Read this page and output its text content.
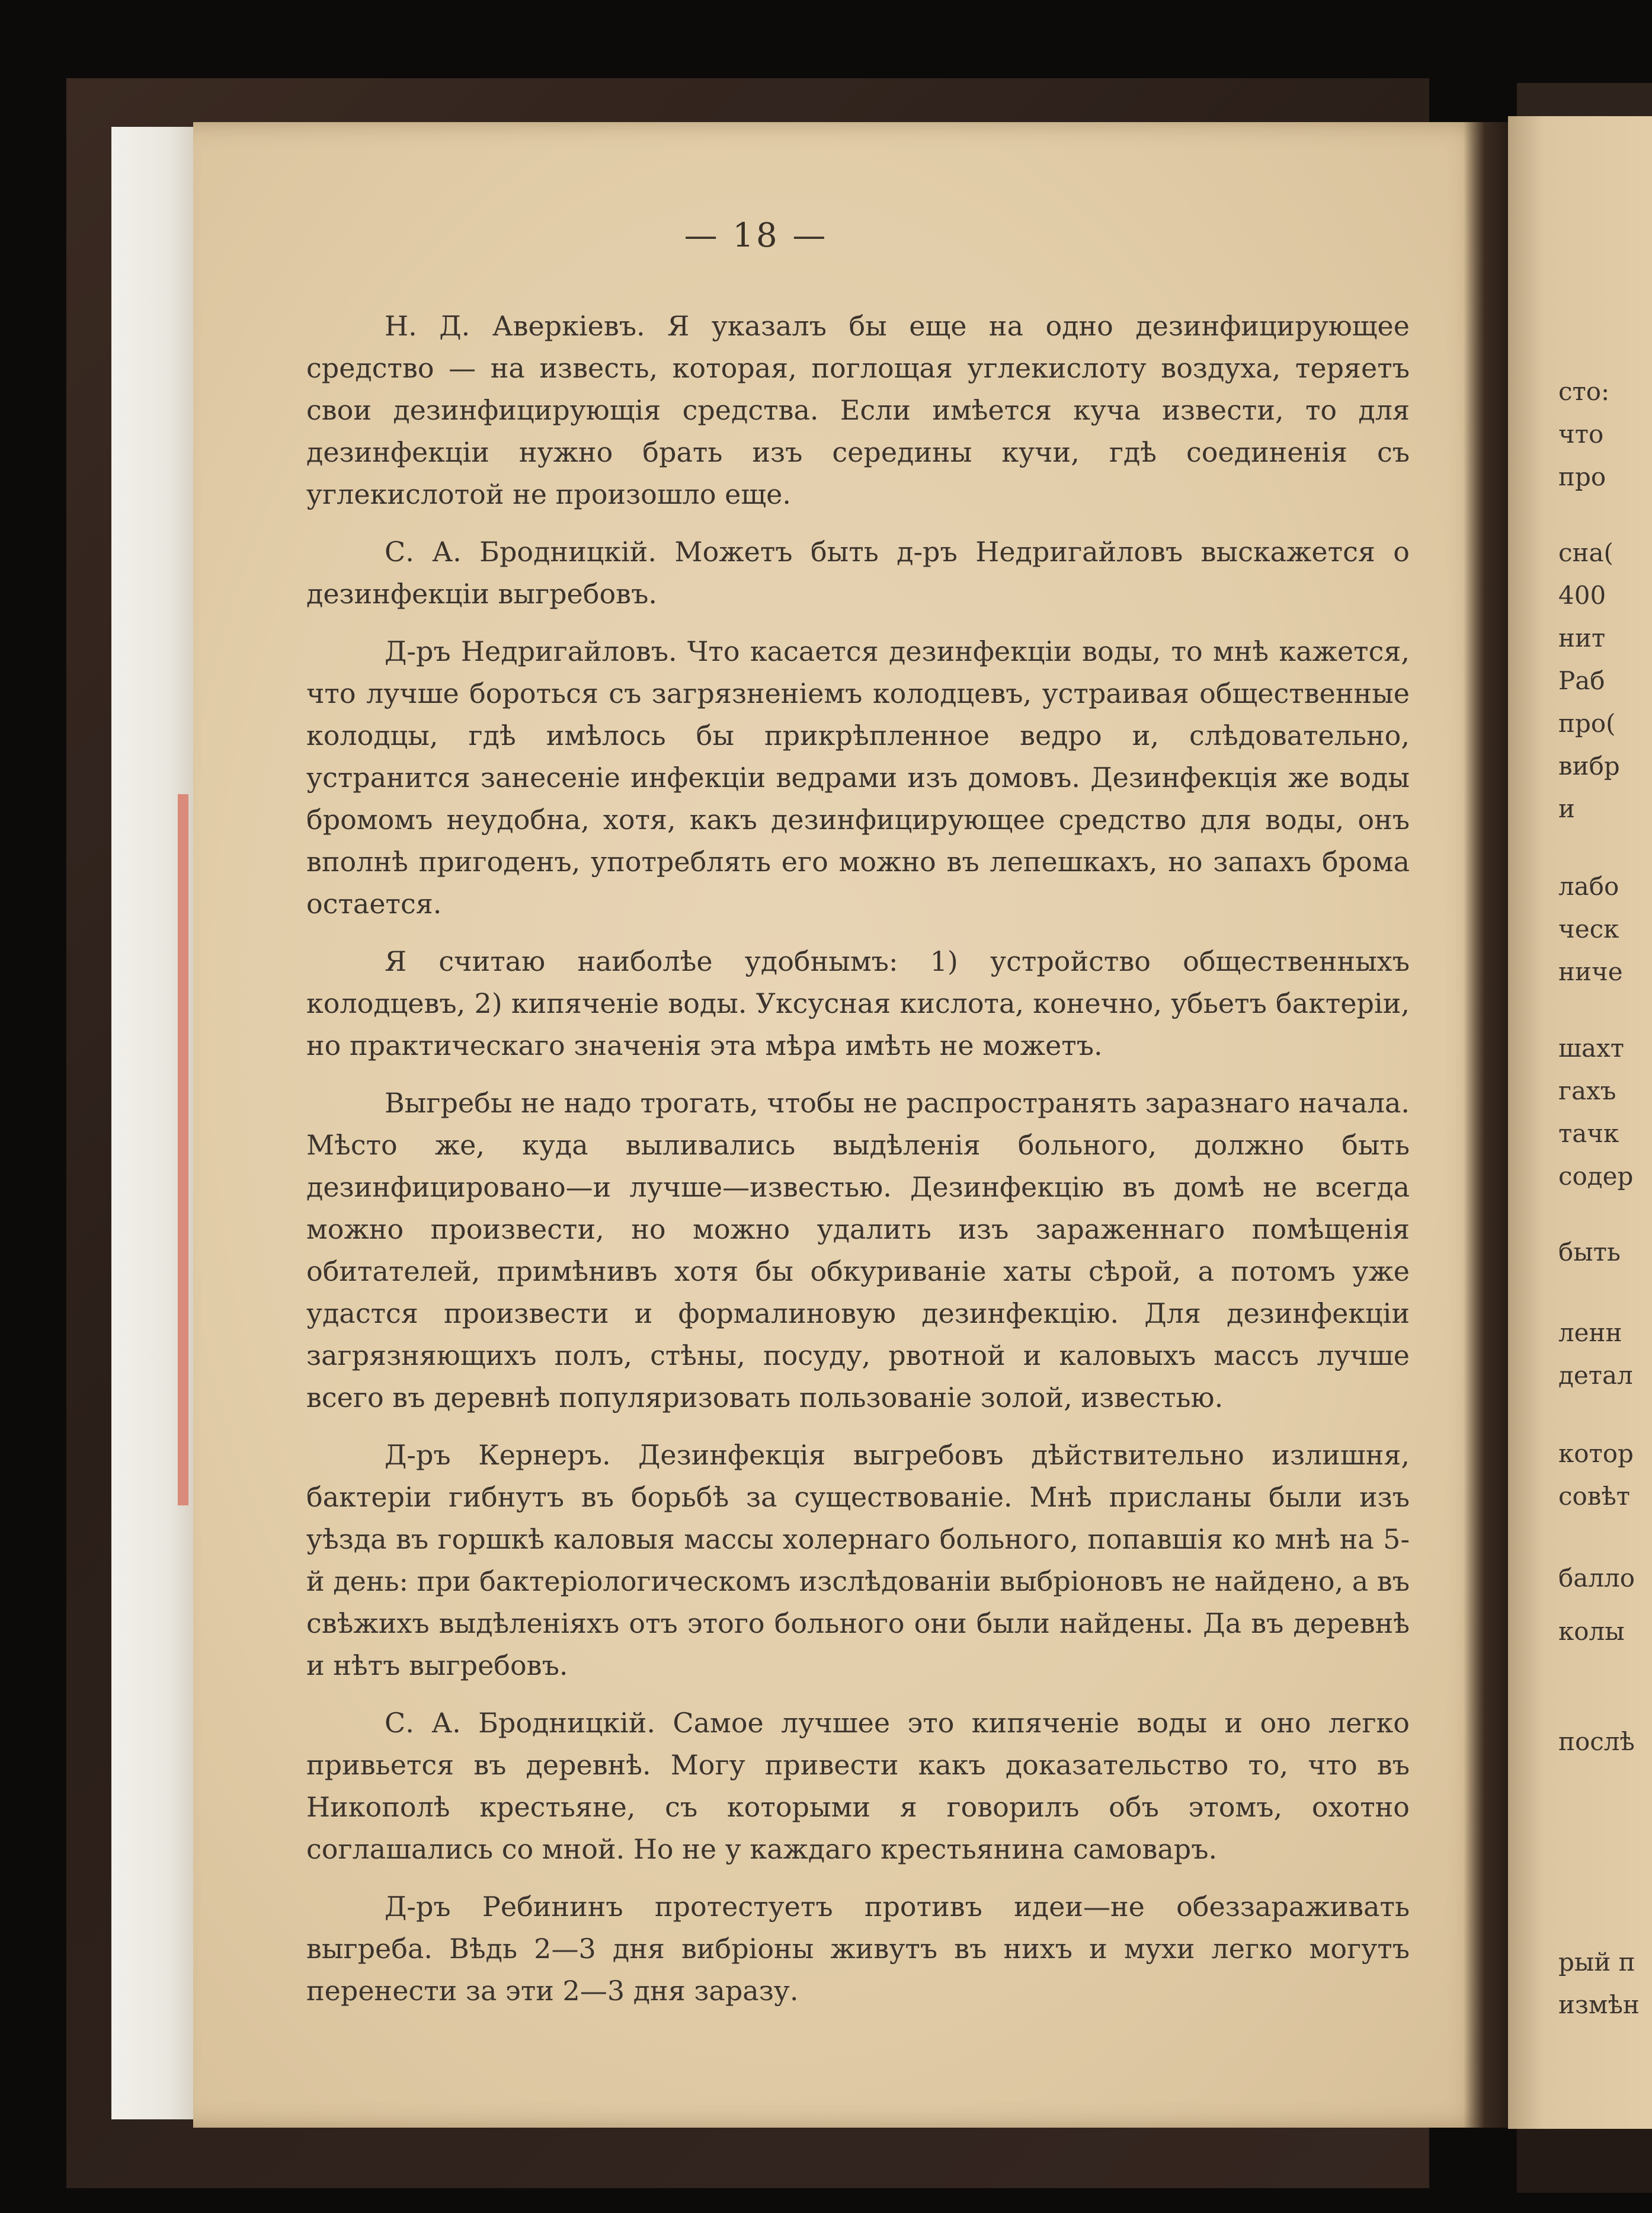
— 18 —

Н. Д. Аверкіевъ. Я указалъ бы еще на одно дезинфицирующее средство — на известь, которая, поглощая углекислоту воздуха, теряетъ свои дезинфицирующія средства. Если имѣется куча извести, то для дезинфекціи нужно брать изъ середины кучи, гдѣ соединенія съ углекислотой не произошло еще.

С. А. Бродницкій. Можетъ быть д-ръ Недригайловъ выскажется о дезинфекціи выгребовъ.

Д-ръ Недригайловъ. Что касается дезинфекціи воды, то мнѣ кажется, что лучше бороться съ загрязненіемъ колодцевъ, устраивая общественные колодцы, гдѣ имѣлось бы прикрѣпленное ведро и, слѣдовательно, устранится занесеніе инфекціи ведрами изъ домовъ. Дезинфекція же воды бромомъ неудобна, хотя, какъ дезинфицирующее средство для воды, онъ вполнѣ пригоденъ, употреблять его можно въ лепешкахъ, но запахъ брома остается.

Я считаю наиболѣе удобнымъ: 1) устройство общественныхъ колодцевъ, 2) кипяченіе воды. Уксусная кислота, конечно, убьетъ бактеріи, но практическаго значенія эта мѣра имѣть не можетъ.

Выгребы не надо трогать, чтобы не распространять заразнаго начала. Мѣсто же, куда выливались выдѣленія больного, должно быть дезинфицировано—и лучше—известью. Дезинфекцію въ домѣ не всегда можно произвести, но можно удалить изъ зараженнаго помѣщенія обитателей, примѣнивъ хотя бы обкуриваніе хаты сѣрой, а потомъ уже удастся произвести и формалиновую дезинфекцію. Для дезинфекціи загрязняющихъ полъ, стѣны, посуду, рвотной и каловыхъ массъ лучше всего въ деревнѣ популяризовать пользованіе золой, известью.

Д-ръ Кернеръ. Дезинфекція выгребовъ дѣйствительно излишня, бактеріи гибнутъ въ борьбѣ за существованіе. Мнѣ присланы были изъ уѣзда въ горшкѣ каловыя массы холернаго больного, попавшія ко мнѣ на 5-й день: при бактеріологическомъ изслѣдованіи выбріоновъ не найдено, а въ свѣжихъ выдѣленіяхъ отъ этого больного они были найдены. Да въ деревнѣ и нѣтъ выгребовъ.

С. А. Бродницкій. Самое лучшее это кипяченіе воды и оно легко привьется въ деревнѣ. Могу привести какъ доказательство то, что въ Никополѣ крестьяне, съ которыми я говорилъ объ этомъ, охотно соглашались со мной. Но не у каждаго крестьянина самоваръ.

Д-ръ Ребининъ протестуетъ противъ идеи—не обеззараживать выгреба. Вѣдь 2—3 дня вибріоны живутъ въ нихъ и мухи легко могутъ перенести за эти 2—3 дня заразу.

сто:
что
про
сна(
400
нит
Раб
про(
вибр
и
лабо
ческ
ниче
шахт
гахъ
тачк
содер
быть
ленн
детал
котор
совѣт
балло
колы
послѣ
рый п
измѣн
